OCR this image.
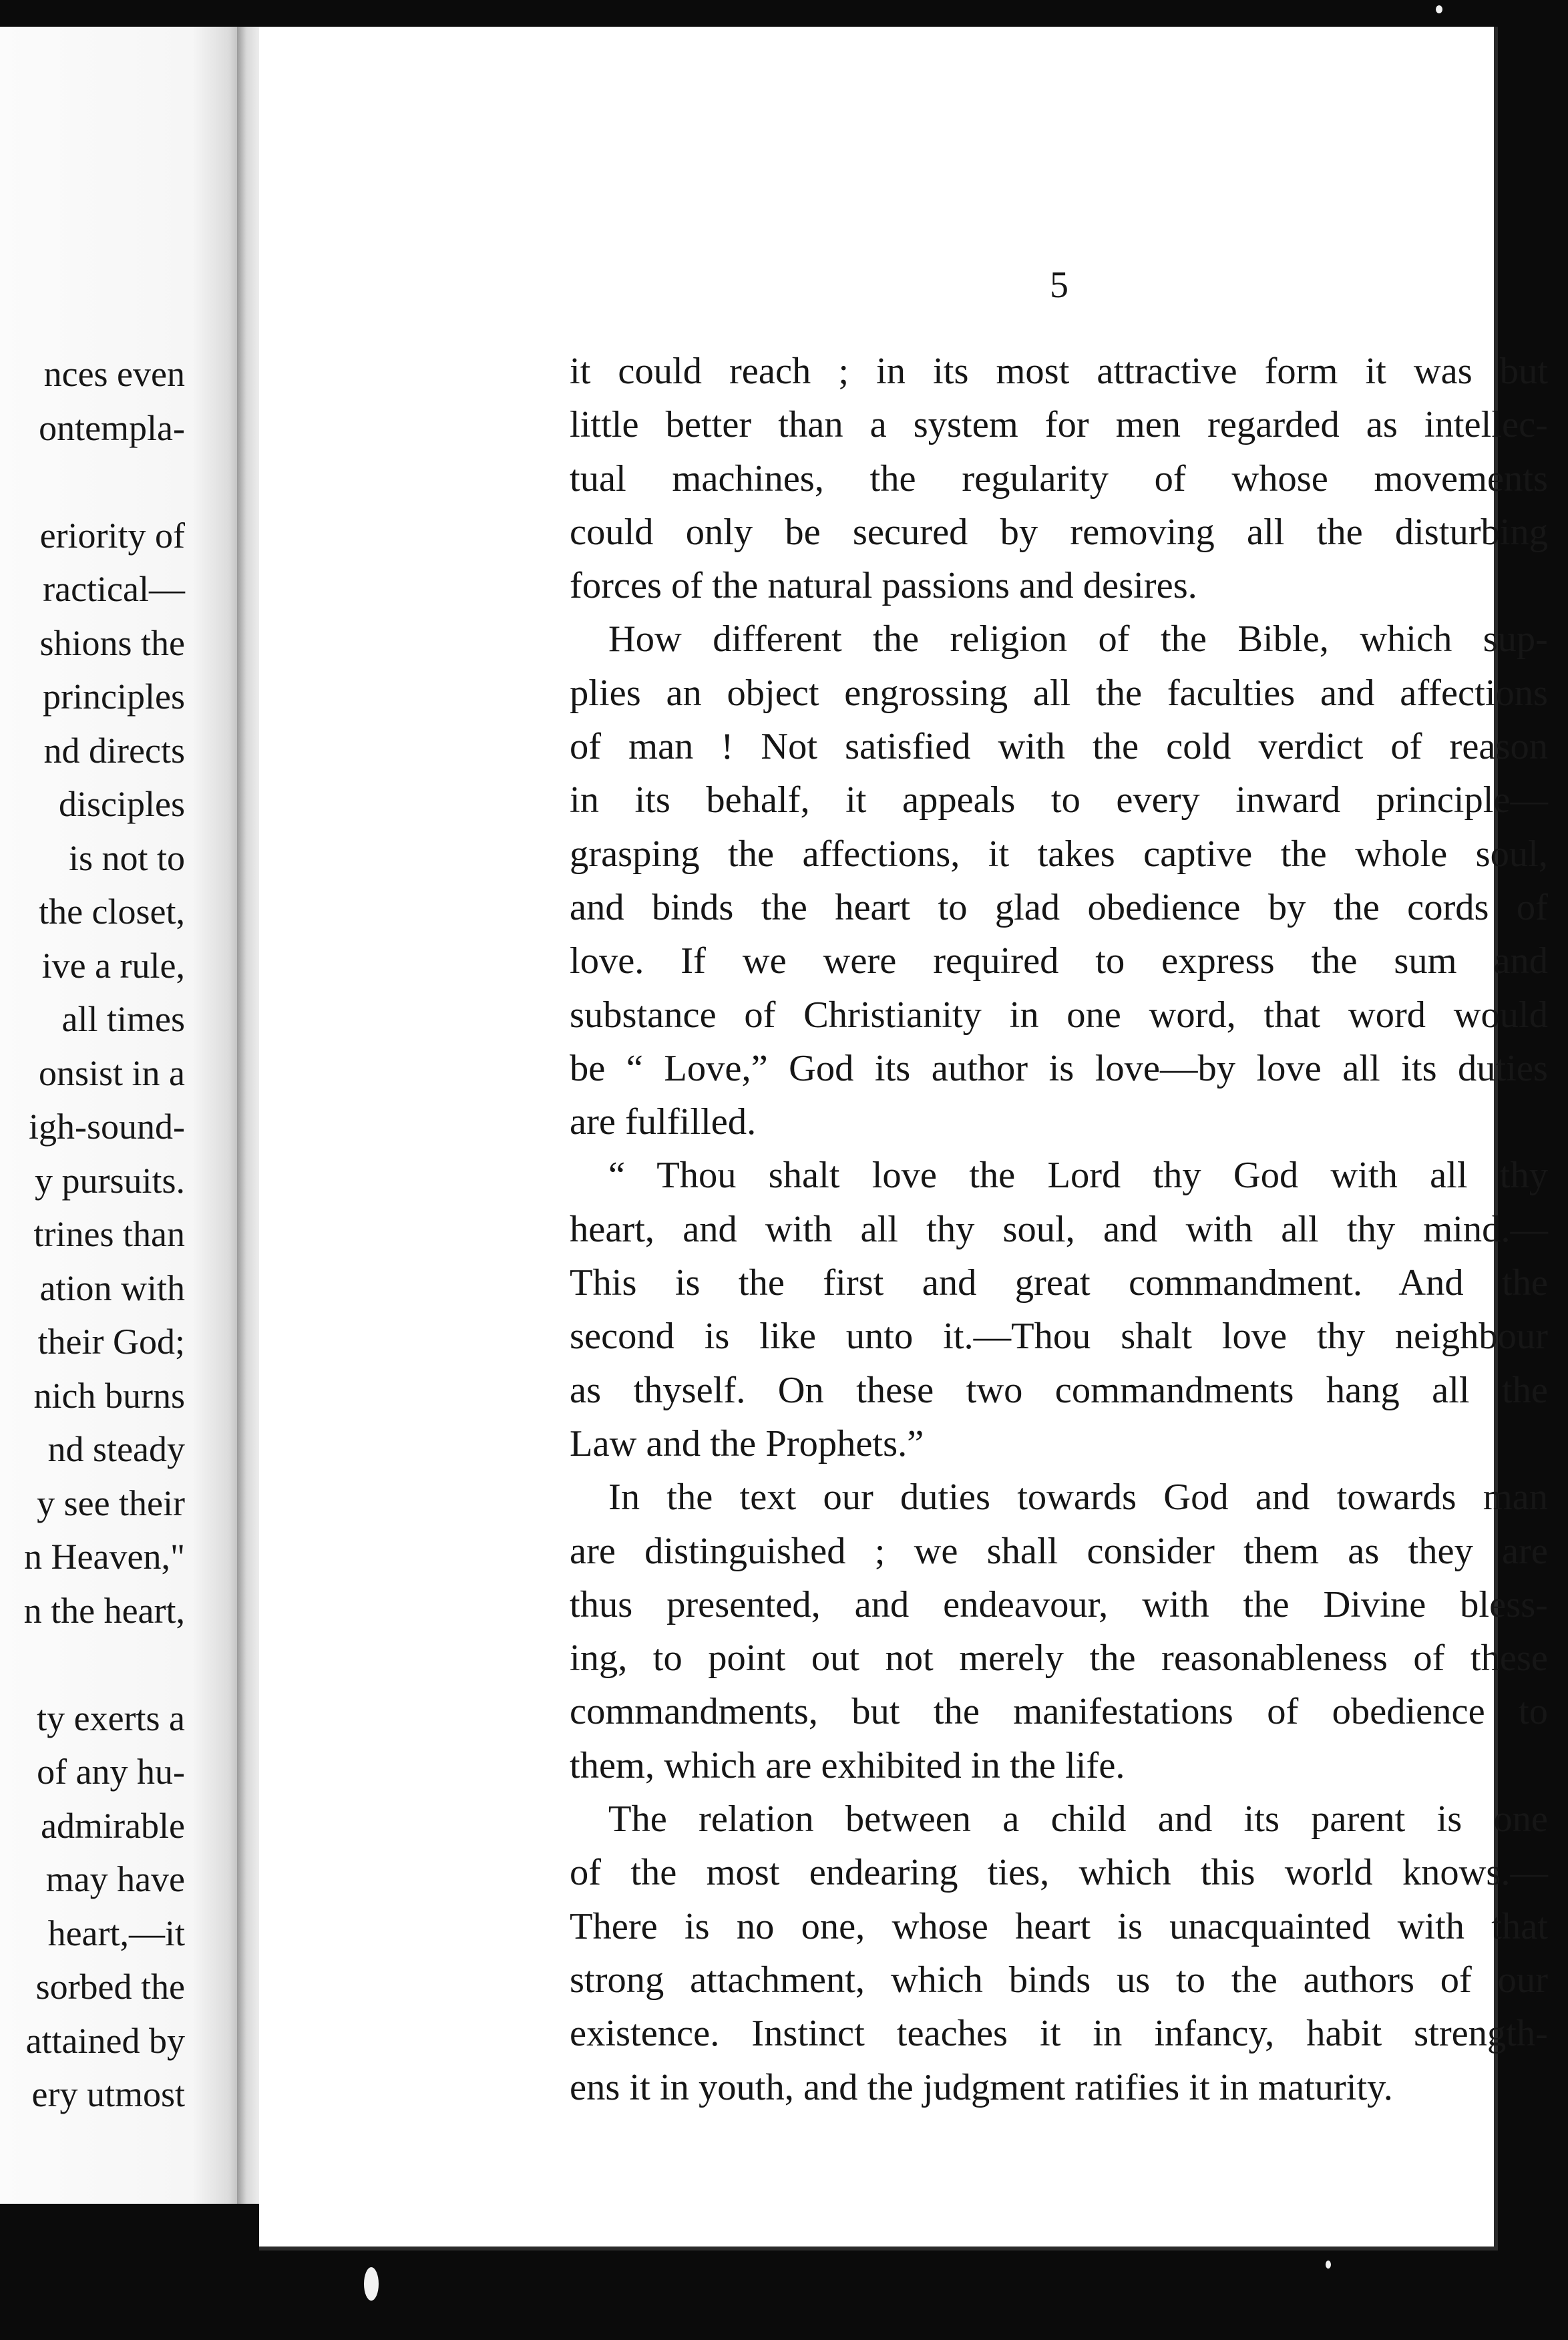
nces even
ontempla-
eriority of
ractical—
shions the
principles
nd directs
disciples
is not to
the closet,
ive a rule,
all times
onsist in a
igh-sound-
y pursuits.
trines than
ation with
their God;
nich burns
nd steady
y see their
n Heaven,"
n the heart,
ty exerts a
of any hu-
admirable
may have
heart,—it
sorbed the
attained by
ery utmost
5
it could reach ; in its most attractive form it was but
little better than a system for men regarded as intellec-
tual machines, the regularity of whose movements
could only be secured by removing all the disturbing
forces of the natural passions and desires.
How different the religion of the Bible, which sup-
plies an object engrossing all the faculties and affections
of man ! Not satisfied with the cold verdict of reason
in its behalf, it appeals to every inward principle—
grasping the affections, it takes captive the whole soul,
and binds the heart to glad obedience by the cords of
love. If we were required to express the sum and
substance of Christianity in one word, that word would
be “ Love,” God its author is love—by love all its duties
are fulfilled.
“ Thou shalt love the Lord thy God with all thy
heart, and with all thy soul, and with all thy mind.—
This is the first and great commandment. And the
second is like unto it.—Thou shalt love thy neighbour
as thyself. On these two commandments hang all the
Law and the Prophets.”
In the text our duties towards God and towards man
are distinguished ; we shall consider them as they are
thus presented, and endeavour, with the Divine bless-
ing, to point out not merely the reasonableness of these
commandments, but the manifestations of obedience to
them, which are exhibited in the life.
The relation between a child and its parent is one
of the most endearing ties, which this world knows.—
There is no one, whose heart is unacquainted with that
strong attachment, which binds us to the authors of our
existence. Instinct teaches it in infancy, habit strength-
ens it in youth, and the judgment ratifies it in maturity.
